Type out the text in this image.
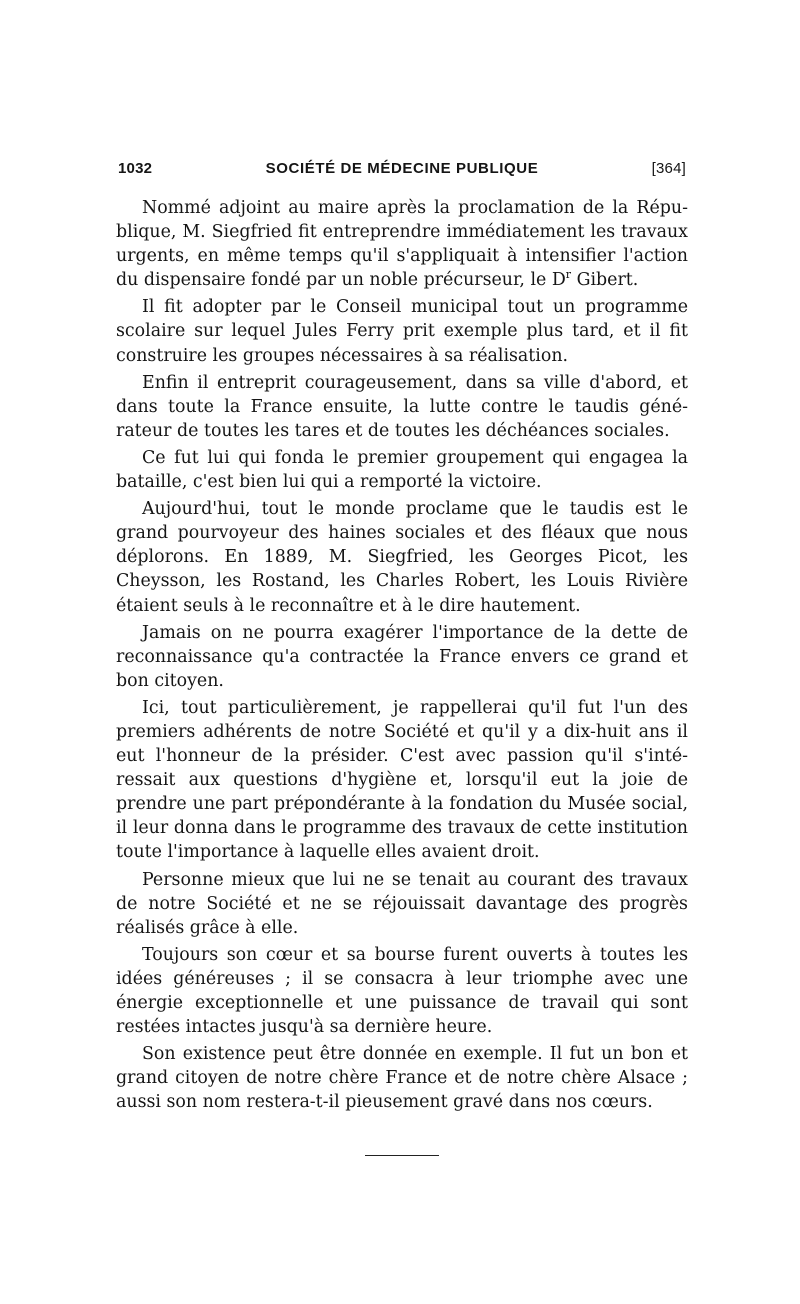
1032	SOCIÉTÉ DE MÉDECINE PUBLIQUE	[364]

Nommé adjoint au maire après la proclamation de la République, M. Siegfried fit entreprendre immédiatement les travaux urgents, en même temps qu'il s'appliquait à intensifier l'action du dispensaire fondé par un noble précurseur, le $D^r$ Gibert.

Il fit adopter par le Conseil municipal tout un programme scolaire sur lequel Jules Ferry prit exemple plus tard, et il fit construire les groupes nécessaires à sa réalisation.

Enfin il entreprit courageusement, dans sa ville d'abord, et dans toute la France ensuite, la lutte contre le taudis générateur de toutes les tares et de toutes les déchéances sociales.

Ce fut lui qui fonda le premier groupement qui engagea la bataille, c'est bien lui qui a remporté la victoire.

Aujourd'hui, tout le monde proclame que le taudis est le grand pourvoyeur des haines sociales et des fléaux que nous déplorons. En 1889, M. Siegfried, les Georges Picot, les Cheysson, les Rostand, les Charles Robert, les Louis Rivière étaient seuls à le reconnaître et à le dire hautement.

Jamais on ne pourra exagérer l'importance de la dette de reconnaissance qu'a contractée la France envers ce grand et bon citoyen.

Ici, tout particulièrement, je rappellerai qu'il fut l'un des premiers adhérents de notre Société et qu'il y a dix-huit ans il eut l'honneur de la présider. C'est avec passion qu'il s'intéressait aux questions d'hygiène et, lorsqu'il eut la joie de prendre une part prépondérante à la fondation du Musée social, il leur donna dans le programme des travaux de cette institution toute l'importance à laquelle elles avaient droit.

Personne mieux que lui ne se tenait au courant des travaux de notre Société et ne se réjouissait davantage des progrès réalisés grâce à elle.

Toujours son cœur et sa bourse furent ouverts à toutes les idées généreuses ; il se consacra à leur triomphe avec une énergie exceptionnelle et une puissance de travail qui sont restées intactes jusqu'à sa dernière heure.

Son existence peut être donnée en exemple. Il fut un bon et grand citoyen de notre chère France et de notre chère Alsace ; aussi son nom restera-t-il pieusement gravé dans nos cœurs.
